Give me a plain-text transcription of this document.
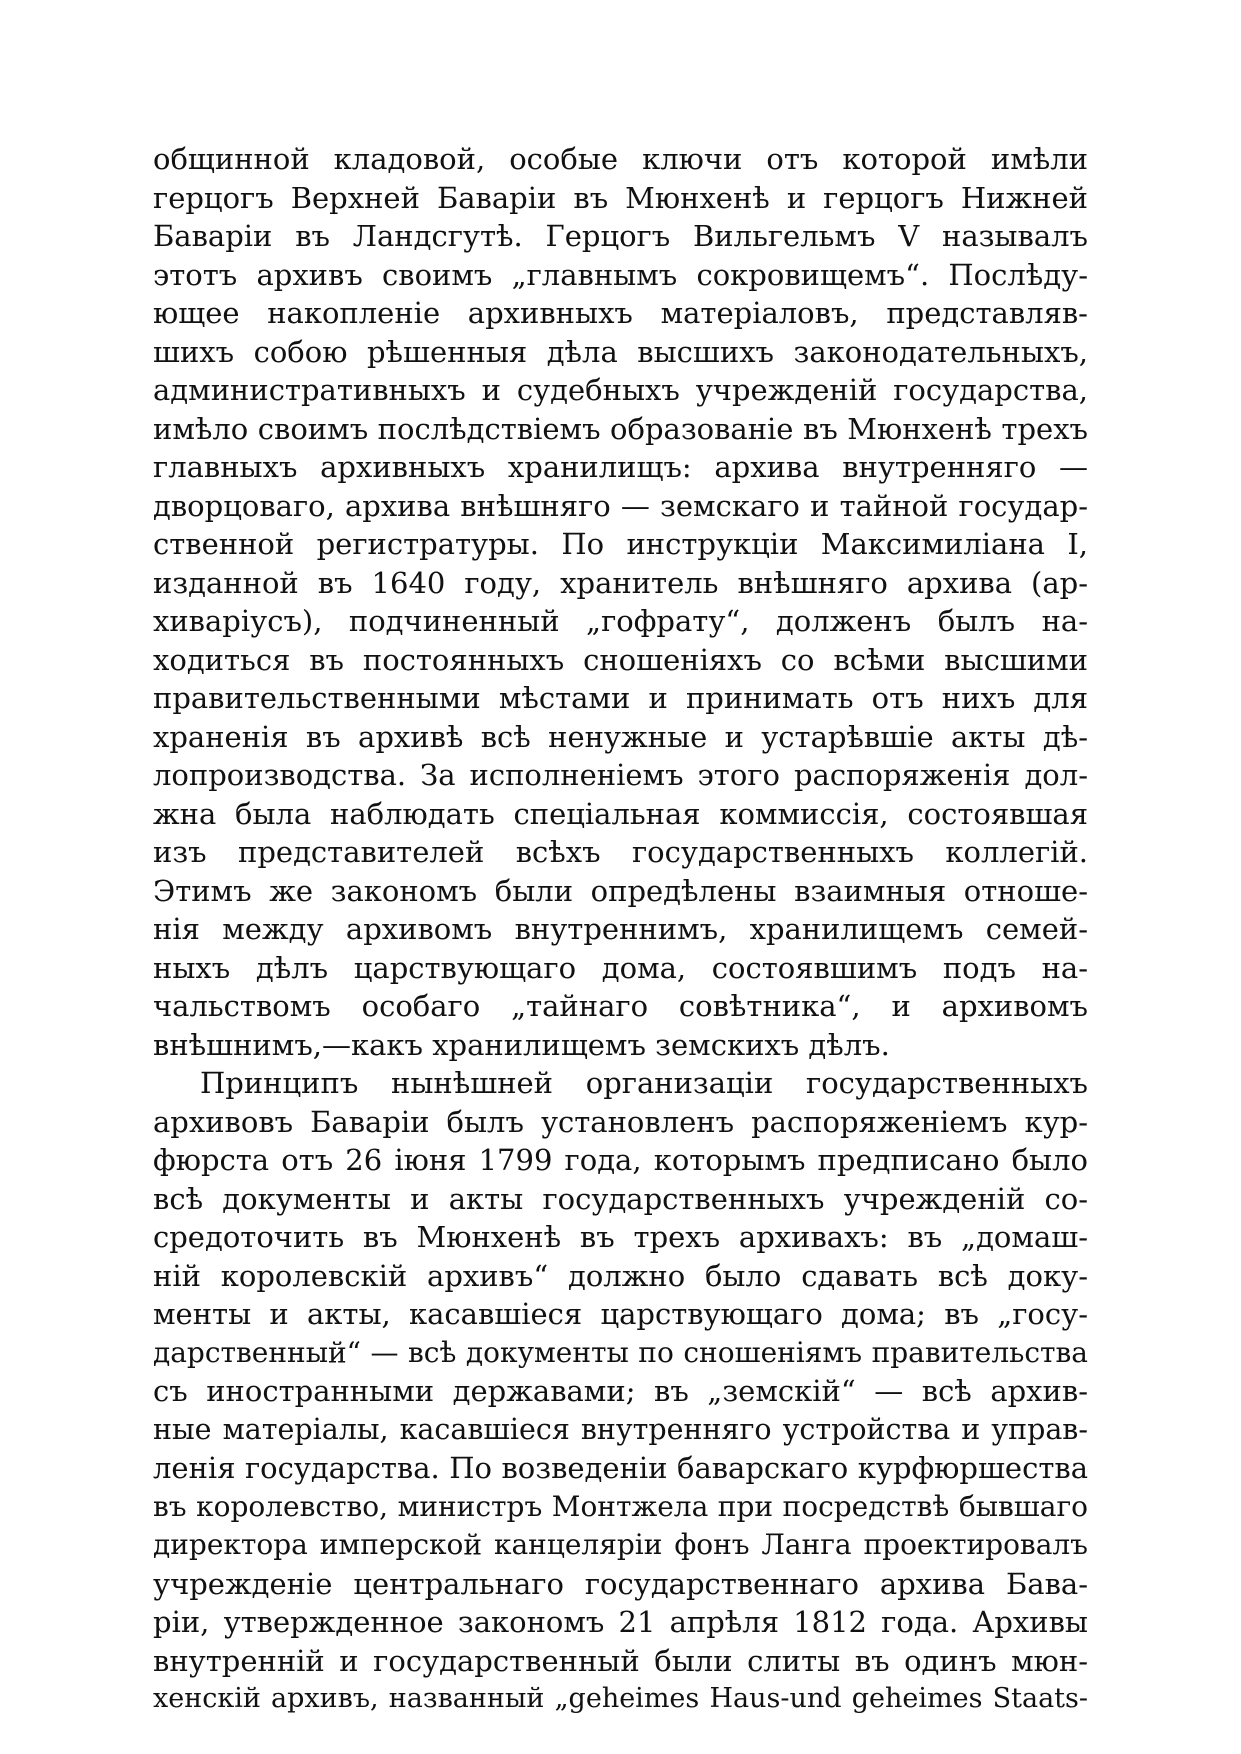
общинной кладовой, особые ключи отъ которой имѣли
герцогъ Верхней Баваріи въ Мюнхенѣ и герцогъ Нижней
Баваріи въ Ландсгутѣ. Герцогъ Вильгельмъ V называлъ
этотъ архивъ своимъ „главнымъ сокровищемъ“. Послѣду-
ющее накопленіе архивныхъ матеріаловъ, представляв-
шихъ собою рѣшенныя дѣла высшихъ законодательныхъ,
административныхъ и судебныхъ учрежденій государства,
имѣло своимъ послѣдствіемъ образованіе въ Мюнхенѣ трехъ
главныхъ архивныхъ хранилищъ: архива внутренняго —
дворцоваго, архива внѣшняго — земскаго и тайной государ-
ственной регистратуры. По инструкціи Максимиліана I,
изданной въ 1640 году, хранитель внѣшняго архива (ар-
хиваріусъ), подчиненный „гофрату“, долженъ былъ на-
ходиться въ постоянныхъ сношеніяхъ со всѣми высшими
правительственными мѣстами и принимать отъ нихъ для
храненія въ архивѣ всѣ ненужные и устарѣвшіе акты дѣ-
лопроизводства. За исполненіемъ этого распоряженія дол-
жна была наблюдать спеціальная коммиссія, состоявшая
изъ представителей всѣхъ государственныхъ коллегій.
Этимъ же закономъ были опредѣлены взаимныя отноше-
нія между архивомъ внутреннимъ, хранилищемъ семей-
ныхъ дѣлъ царствующаго дома, состоявшимъ подъ на-
чальствомъ особаго „тайнаго совѣтника“, и архивомъ
внѣшнимъ,—какъ хранилищемъ земскихъ дѣлъ.
Принципъ нынѣшней организаціи государственныхъ
архивовъ Баваріи былъ установленъ распоряженіемъ кур-
фюрста отъ 26 іюня 1799 года, которымъ предписано было
всѣ документы и акты государственныхъ учрежденій со-
средоточить въ Мюнхенѣ въ трехъ архивахъ: въ „домаш-
ній королевскій архивъ“ должно было сдавать всѣ доку-
менты и акты, касавшіеся царствующаго дома; въ „госу-
дарственный“ — всѣ документы по сношеніямъ правительства
съ иностранными державами; въ „земскій“ — всѣ архив-
ные матеріалы, касавшіеся внутренняго устройства и управ-
ленія государства. По возведеніи баварскаго курфюршества
въ королевство, министръ Монтжела при посредствѣ бывшаго
директора имперской канцеляріи фонъ Ланга проектировалъ
учрежденіе центральнаго государственнаго архива Бава-
ріи, утвержденное закономъ 21 апрѣля 1812 года. Архивы
внутренній и государственный были слиты въ одинъ мюн-
хенскій архивъ, названный „geheimes Haus-und geheimes Staats-
